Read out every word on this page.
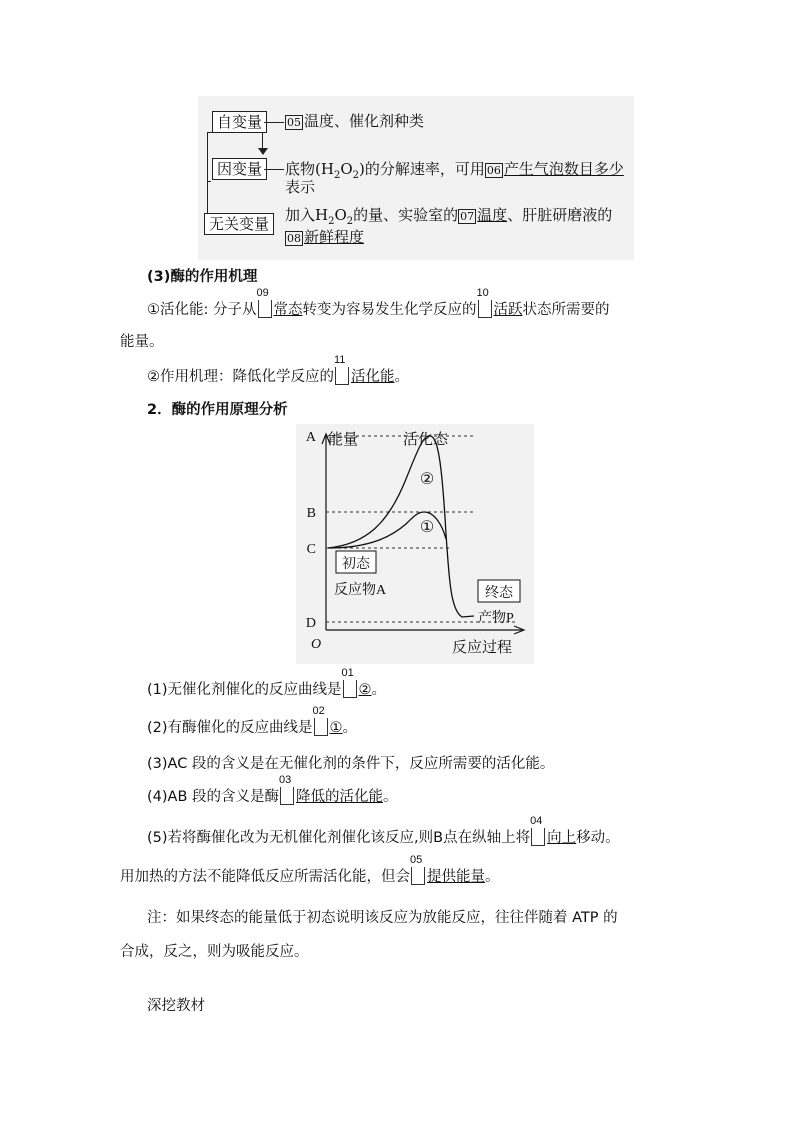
自变量	05 温度、催化剂种类
因变量	底物$(H_2O_2)$的分解速率，可用 06 产生气泡数目多少
表示
无关变量	加入$H_2O_2$的量、实验室的 07 温度、肝脏研磨液的
08 新鲜程度
(3)酶的作用机理
①活化能: 分子从
09
常态转变为容易发生化学反应的
10
活跃状态所需要的
能量。
②作用机理：降低化学反应的
11
活化能。
2．酶的作用原理分析
能量
反应过程
O
A
B
C
D
②
①
活化态
初态
反应物A	终态
产物P
(1)无催化剂催化的反应曲线是
01
②。
(2)有酶催化的反应曲线是
02
①。
(3)AC 段的含义是在无催化剂的条件下，反应所需要的活化能。
(4)AB 段的含义是酶
03
降低的活化能。
(5)若将酶催化改为无机催化剂催化该反应,则B点在纵轴上将
04
向上移动。
用加热的方法不能降低反应所需活化能，但会
05
提供能量。
注：如果终态的能量低于初态说明该反应为放能反应，往往伴随着 ATP 的
合成，反之，则为吸能反应。
深挖教材
